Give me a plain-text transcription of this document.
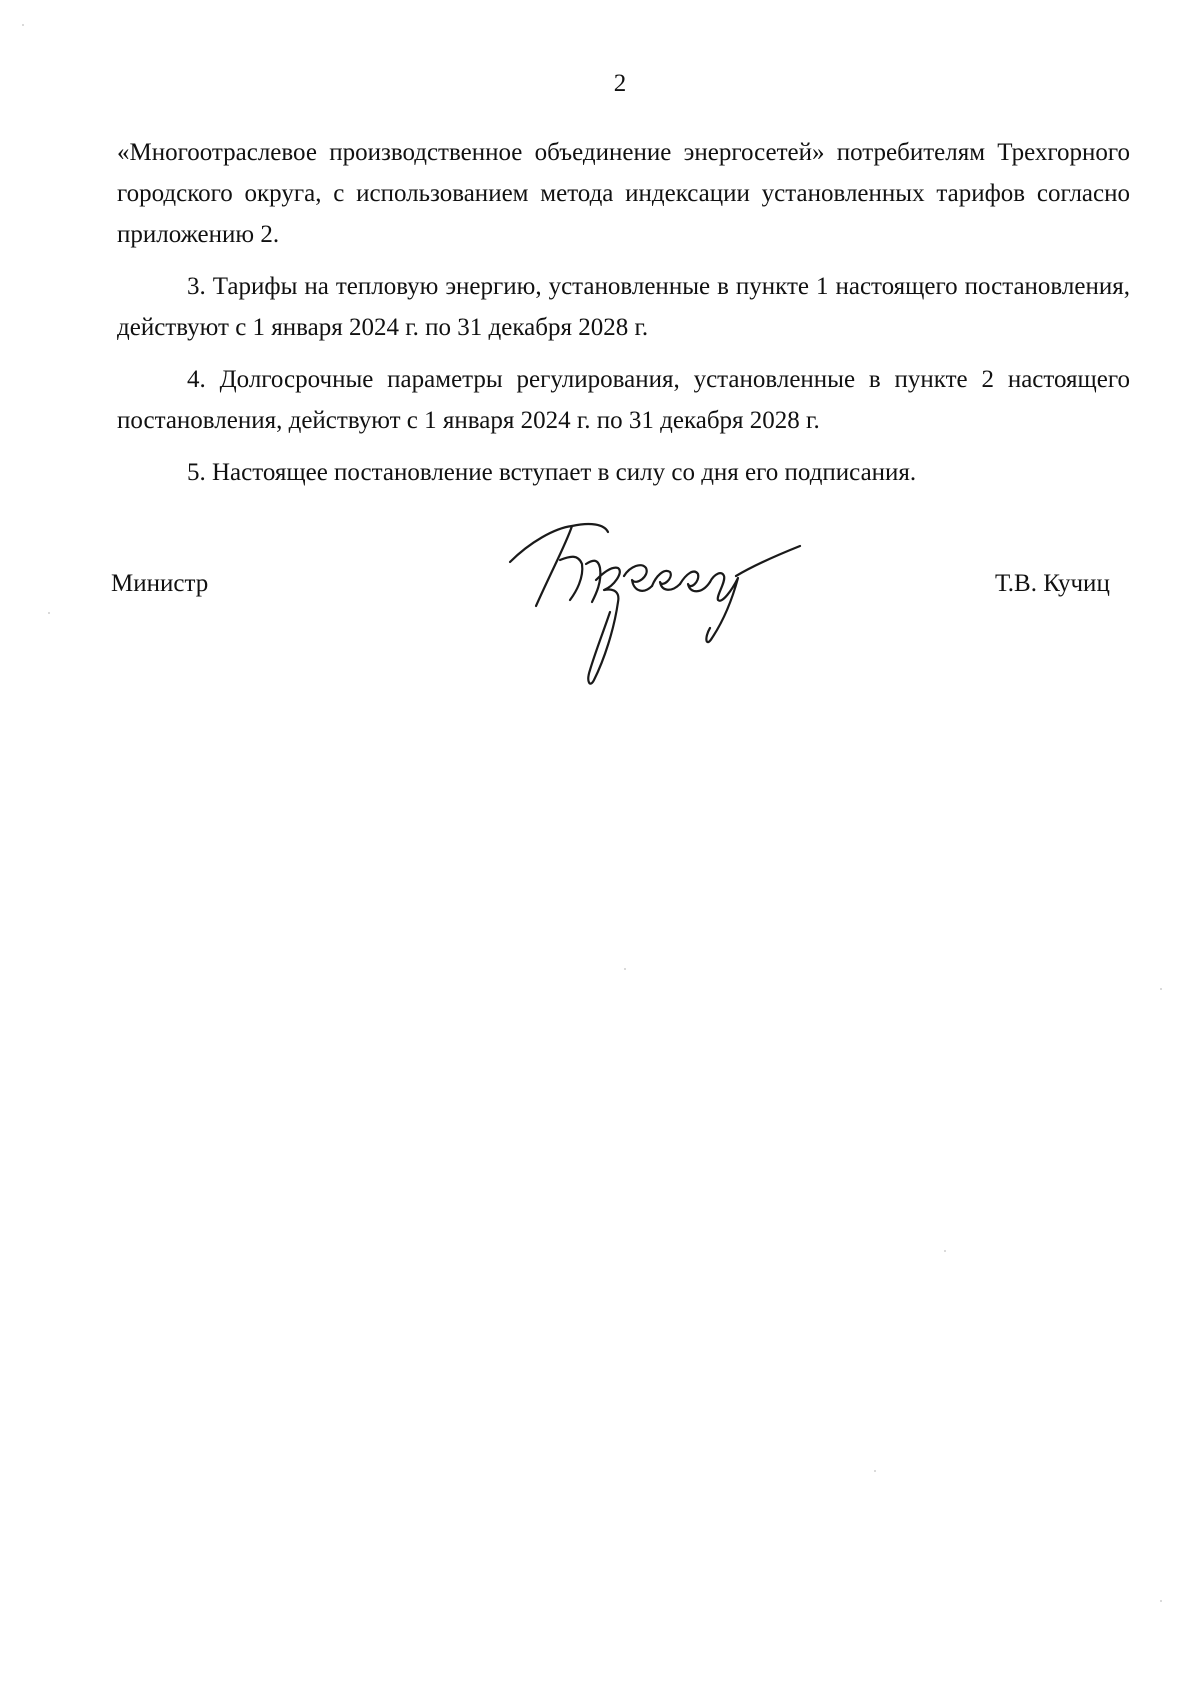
2

«Многоотраслевое производственное объединение энергосетей» потребителям Трехгорного городского округа, с использованием метода индексации установленных тарифов согласно приложению 2.

3. Тарифы на тепловую энергию, установленные в пункте 1 настоящего постановления, действуют с 1 января 2024 г. по 31 декабря 2028 г.

4. Долгосрочные параметры регулирования, установленные в пункте 2 настоящего постановления, действуют с 1 января 2024 г. по 31 декабря 2028 г.

5. Настоящее постановление вступает в силу со дня его подписания.

Министр	Т.В. Кучиц
